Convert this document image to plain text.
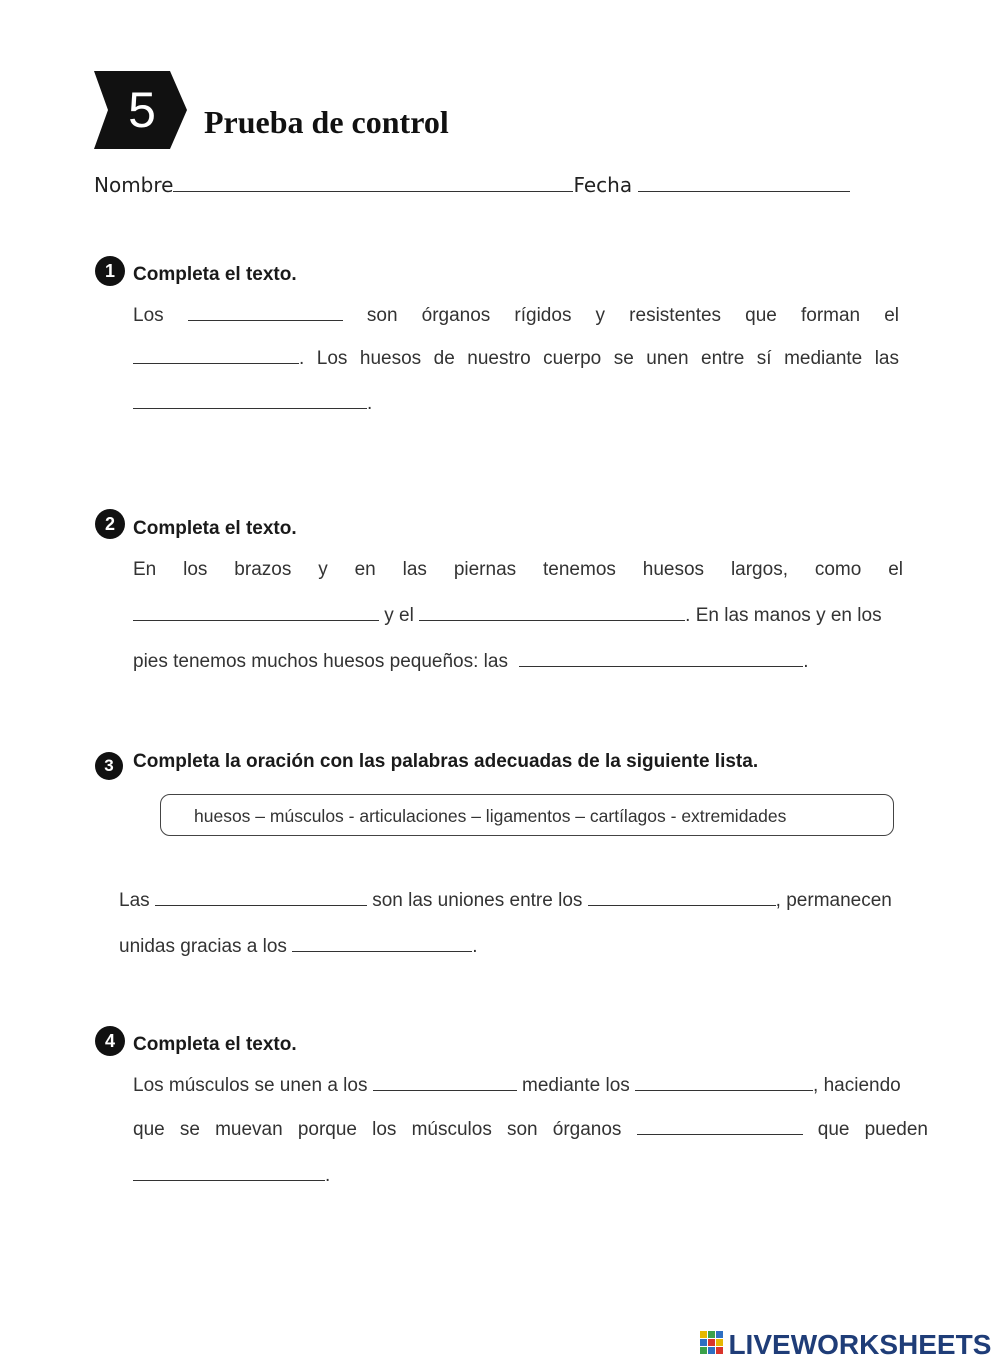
5	Prueba de control
Nombre	Fecha
1 Completa el texto.
Los	son órganos rígidos y resistentes que forman el
. Los huesos de nuestro cuerpo se unen entre sí mediante las
.
2 Completa el texto.
En los brazos y en las piernas tenemos huesos largos, como el
y el	. En las manos y en los
pies tenemos muchos huesos pequeños: las	.
3	Completa la oración con las palabras adecuadas de la siguiente lista.
huesos – músculos - articulaciones – ligamentos – cartílagos - extremidades
Las	son las uniones entre los	, permanecen
unidas gracias a los	.
4 Completa el texto.
Los músculos se unen a los	mediante los	, haciendo
que se muevan porque los músculos son órganos	que pueden
.
LIVEWORKSHEETS
